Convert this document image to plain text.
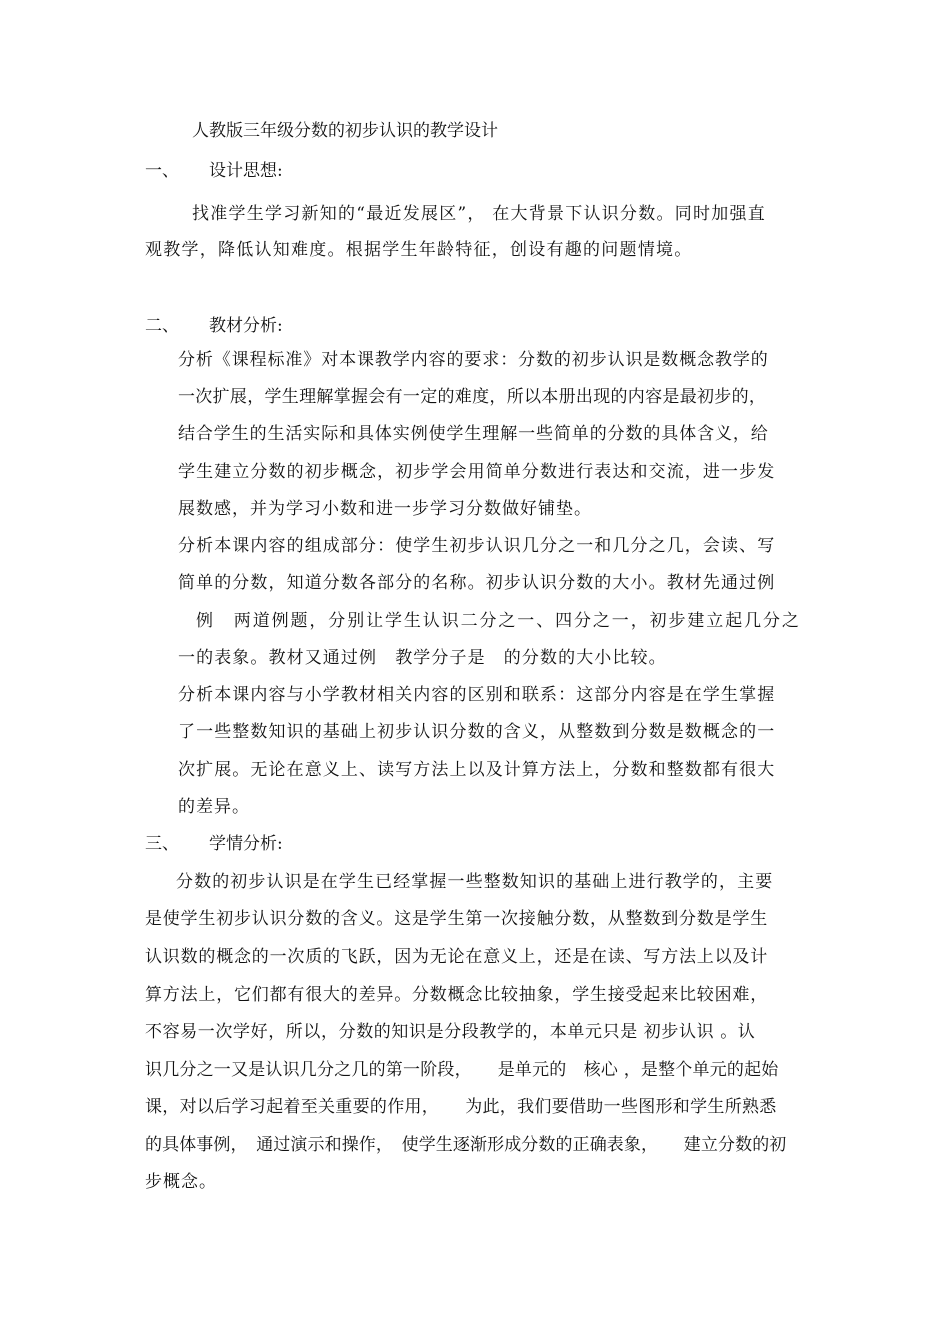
人教版三年级分数的初步认识的教学设计

一、 设计思想:

找准学生学习新知的“最近发展区”， 在大背景下认识分数。同时加强直

观教学，降低认知难度。根据学生年龄特征，创设有趣的问题情境。

二、 教材分析:

分析《课程标准》对本课教学内容的要求：分数的初步认识是数概念教学的

一次扩展，学生理解掌握会有一定的难度，所以本册出现的内容是最初步的，

结合学生的生活实际和具体实例使学生理解一些简单的分数的具体含义，给

学生建立分数的初步概念，初步学会用简单分数进行表达和交流，进一步发

展数感，并为学习小数和进一步学习分数做好铺垫。

分析本课内容的组成部分：使学生初步认识几分之一和几分之几，会读、写

简单的分数，知道分数各部分的名称。初步认识分数的大小。教材先通过例

例　两道例题，分别让学生认识二分之一、四分之一，初步建立起几分之

一的表象。教材又通过例　教学分子是　的分数的大小比较。

分析本课内容与小学教材相关内容的区别和联系：这部分内容是在学生掌握

了一些整数知识的基础上初步认识分数的含义，从整数到分数是数概念的一

次扩展。无论在意义上、读写方法上以及计算方法上，分数和整数都有很大

的差异。

三、 学情分析:

分数的初步认识是在学生已经掌握一些整数知识的基础上进行教学的，主要

是使学生初步认识分数的含义。这是学生第一次接触分数，从整数到分数是学生

认识数的概念的一次质的飞跃，因为无论在意义上，还是在读、写方法上以及计

算方法上，它们都有很大的差异。分数概念比较抽象，学生接受起来比较困难，

不容易一次学好，所以，分数的知识是分段教学的，本单元只是 初步认识 。认

识几分之一又是认识几分之几的第一阶段，　　是单元的　核心 ，是整个单元的起始

课，对以后学习起着至关重要的作用，　　为此，我们要借助一些图形和学生所熟悉

的具体事例，　通过演示和操作，　使学生逐渐形成分数的正确表象，　　建立分数的初

步概念。
